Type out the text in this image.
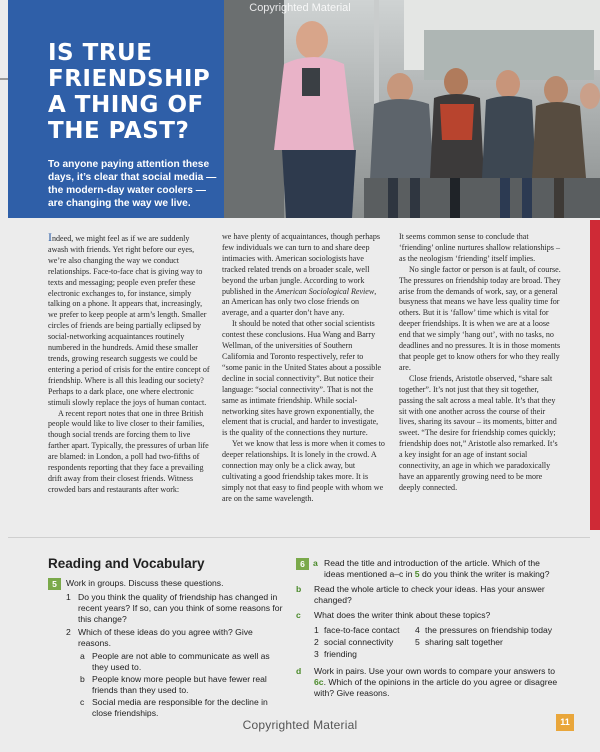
IS TRUE
FRIENDSHIP
A THING OF
THE PAST?
To anyone paying attention these days, it’s clear that social media — the modern-day water coolers — are changing the way we live.
Copyrighted Material

Indeed, we might feel as if we are suddenly awash with friends. Yet right before our eyes, we’re also changing the way we conduct relationships. Face-to-face chat is giving way to texts and messaging; people even prefer these electronic exchanges to, for instance, simply talking on a phone. It appears that, increasingly, we prefer to keep people at arm’s length. Smaller circles of friends are being partially eclipsed by social-networking acquaintances routinely numbered in the hundreds. Amid these smaller trends, growing research suggests we could be entering a period of crisis for the entire concept of friendship. Where is all this leading our society? Perhaps to a dark place, one where electronic stimuli slowly replace the joys of human contact.

A recent report notes that one in three British people would like to live closer to their families, though social trends are forcing them to live farther apart. Typically, the pressures of urban life are blamed: in London, a poll had two-fifths of respondents reporting that they face a prevailing drift away from their closest friends. Witness crowded bars and restaurants after work:

we have plenty of acquaintances, though perhaps few individuals we can turn to and share deep intimacies with. American sociologists have tracked related trends on a broader scale, well beyond the urban jungle. According to work published in the American Sociological Review, an American has only two close friends on average, and a quarter don’t have any.

It should be noted that other social scientists contest these conclusions. Hua Wang and Barry Wellman, of the universities of Southern California and Toronto respectively, refer to “some panic in the United States about a possible decline in social connectivity”. But notice their language: “social connectivity”. That is not the same as intimate friendship. While social-networking sites have grown exponentially, the element that is crucial, and harder to investigate, is the quality of the connections they nurture.

Yet we know that less is more when it comes to deeper relationships. It is lonely in the crowd. A connection may only be a click away, but cultivating a good friendship takes more. It is simply not that easy to find people with whom we are on the same wavelength.

It seems common sense to conclude that ‘friending’ online nurtures shallow relationships – as the neologism ‘friending’ itself implies.

No single factor or person is at fault, of course. The pressures on friendship today are broad. They arise from the demands of work, say, or a general busyness that means we have less quality time for others. But it is ‘fallow’ time which is vital for deeper friendships. It is when we are at a loose end that we simply ‘hang out’, with no tasks, no deadlines and no pressures. It is in those moments that people get to know others for who they really are.

Close friends, Aristotle observed, “share salt together”. It’s not just that they sit together, passing the salt across a meal table. It’s that they sit with one another across the course of their lives, sharing its savour – its moments, bitter and sweet. “The desire for friendship comes quickly; friendship does not,” Aristotle also remarked. It’s a key insight for an age of instant social connectivity, an age in which we paradoxically have an apparently growing need to be more deeply connected.

Reading and Vocabulary
5	Work in groups. Discuss these questions.
1 Do you think the quality of friendship has changed in recent years? If so, can you think of some reasons for this change?
2 Which of these ideas do you agree with? Give reasons.
a People are not able to communicate as well as they used to.
b People know more people but have fewer real friends than they used to.
c Social media are responsible for the decline in close friendships.
6 a Read the title and introduction of the article. Which of the ideas mentioned a–c in 5 do you think the writer is making?
b Read the whole article to check your ideas. Has your answer changed?
c What does the writer think about these topics?
1 face-to-face contact	4 the pressures on friendship today
2 social connectivity	5 sharing salt together
3 friending
d Work in pairs. Use your own words to compare your answers to 6c. Which of the opinions in the article do you agree or disagree with? Give reasons.
Copyrighted Material	11
